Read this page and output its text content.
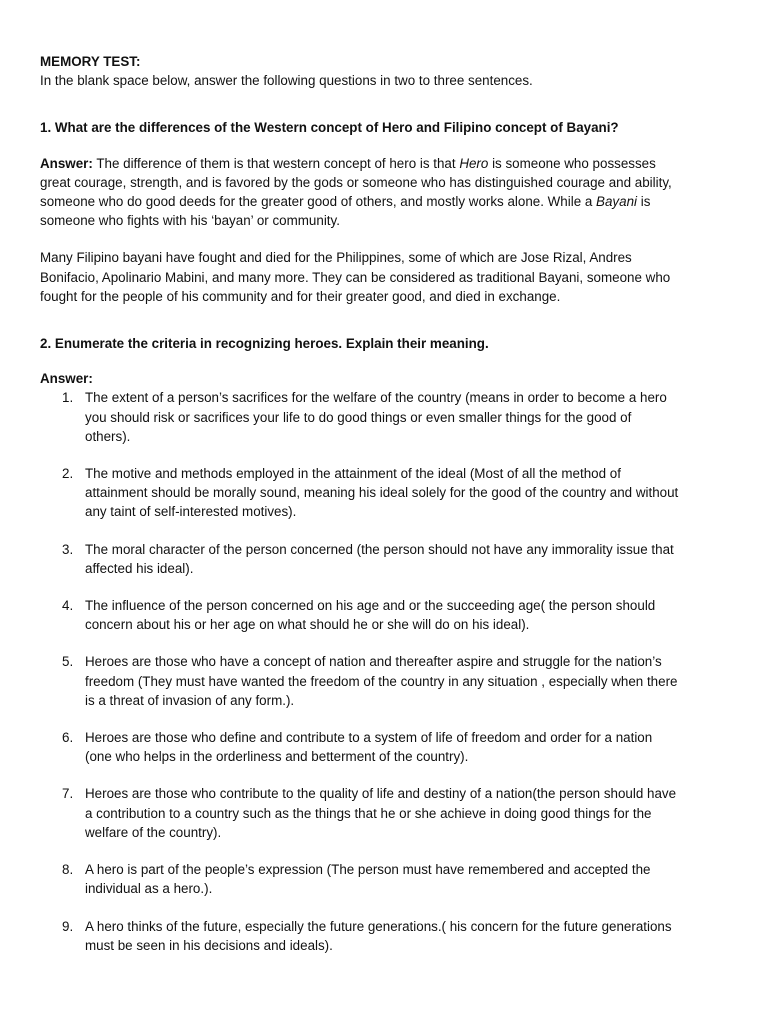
MEMORY TEST:

In the blank space below, answer the following questions in two to three sentences.

1. What are the differences of the Western concept of Hero and Filipino concept of Bayani?

Answer: The difference of them is that western concept of hero is that Hero is someone who possesses great courage, strength, and is favored by the gods or someone who has distinguished courage and ability, someone who do good deeds for the greater good of others, and mostly works alone. While a Bayani is someone who fights with his ‘bayan’ or community.

Many Filipino bayani have fought and died for the Philippines, some of which are Jose Rizal, Andres Bonifacio, Apolinario Mabini, and many more. They can be considered as traditional Bayani, someone who fought for the people of his community and for their greater good, and died in exchange.

2. Enumerate the criteria in recognizing heroes. Explain their meaning.

Answer:

1. The extent of a person’s sacrifices for the welfare of the country (means in order to become a hero you should risk or sacrifices your life to do good things or even smaller things for the good of others).
2. The motive and methods employed in the attainment of the ideal (Most of all the method of attainment should be morally sound, meaning his ideal solely for the good of the country and without any taint of self-interested motives).
3. The moral character of the person concerned (the person should not have any immorality issue that affected his ideal).
4. The influence of the person concerned on his age and or the succeeding age( the person should concern about his or her age on what should he or she will do on his ideal).
5. Heroes are those who have a concept of nation and thereafter aspire and struggle for the nation’s freedom (They must have wanted the freedom of the country in any situation , especially when there is a threat of invasion of any form.).
6. Heroes are those who define and contribute to a system of life of freedom and order for a nation (one who helps in the orderliness and betterment of the country).
7. Heroes are those who contribute to the quality of life and destiny of a nation(the person should have a contribution to a country such as the things that he or she achieve in doing good things for the welfare of the country).
8. A hero is part of the people’s expression (The person must have remembered and accepted the individual as a hero.).
9. A hero thinks of the future, especially the future generations.( his concern for the future generations must be seen in his decisions and ideals).
